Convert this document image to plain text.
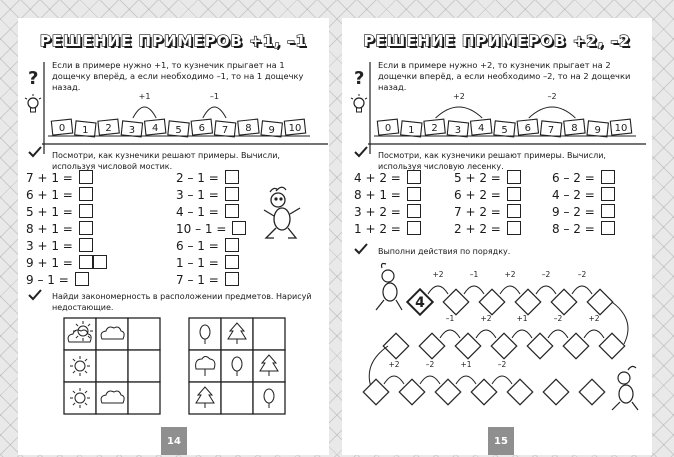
РЕШЕНИЕ ПРИМЕРОВ +1, –1
?
Если в примере нужно +1, то кузнечик прыгает на 1 дощечку вперёд, а если необходимо –1, то на 1 дощечку назад.
0 1 2 3 4 5 6 7 8 9 10
+1	–1
Посмотри, как кузнечики решают примеры. Вычисли, используя числовой мостик.
7 + 1 =
6 + 1 =
5 + 1 =
8 + 1 =
3 + 1 =
9 + 1 =
9 – 1 =
2 – 1 =
3 – 1 =
4 – 1 =
10 – 1 =
6 – 1 =
1 – 1 =
7 – 1 =
Найди закономерность в расположении предметов. Нарисуй недостающие.
14
РЕШЕНИЕ ПРИМЕРОВ +2, –2
?
Если в примере нужно +2, то кузнечик прыгает на 2 дощечки вперёд, а если необходимо –2, то на 2 дощечки назад.
0 1 2 3 4 5 6 7 8 9 10
+2	–2
Посмотри, как кузнечики решают примеры. Вычисли, используя числовую лесенку.
4 + 2 =
8 + 1 =
3 + 2 =
1 + 2 =
5 + 2 =
6 + 2 =
7 + 2 =
2 + 2 =
6 – 2 =
4 – 2 =
9 – 2 =
8 – 2 =
Выполни действия по порядку.
4
+2	–1	+2	–2	–2
+2
–2
+1
+2
–1
+2	–2	+1	–2
15
